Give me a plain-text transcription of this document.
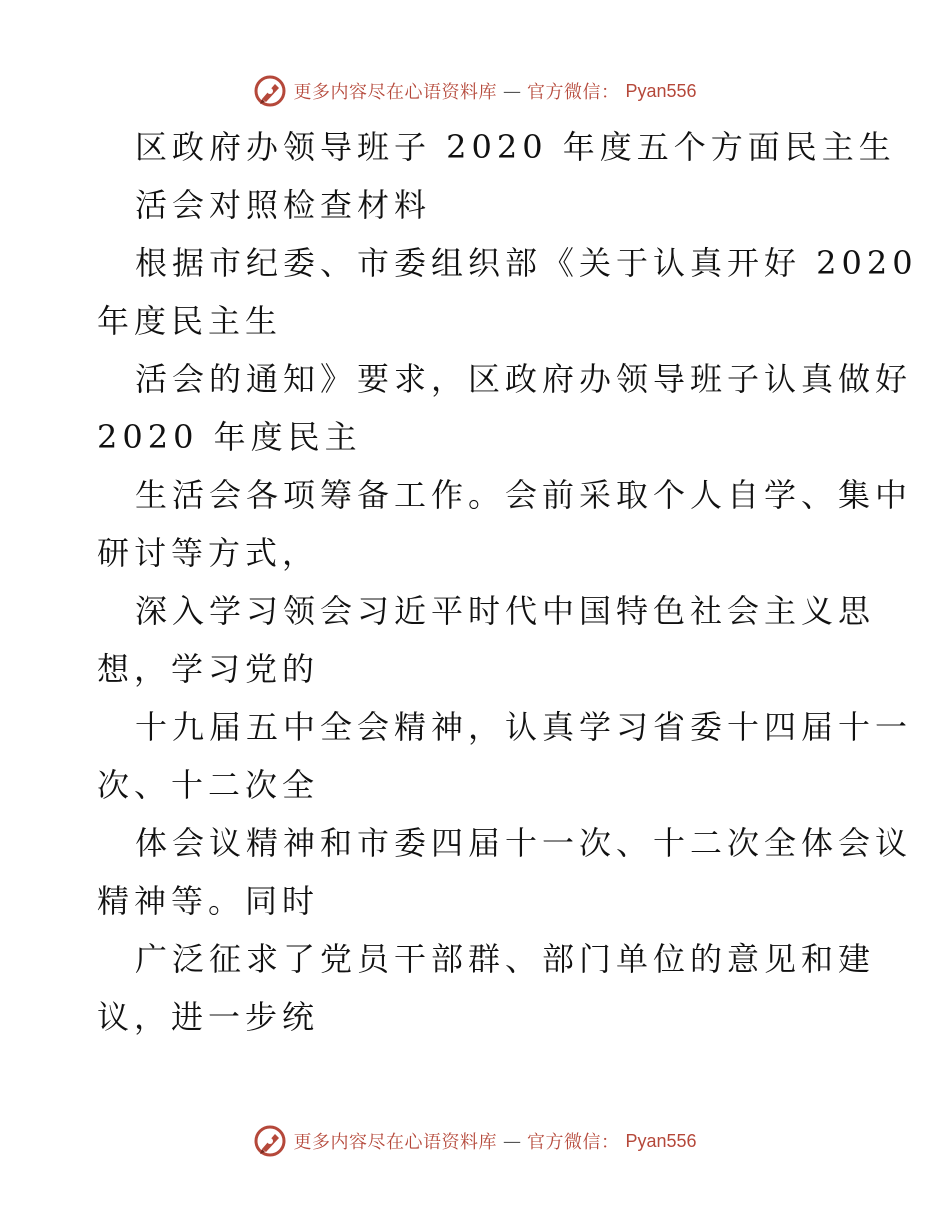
更多内容尽在心语资料库 — 官方微信： Pyan556
区政府办领导班子 2020 年度五个方面民主生
活会对照检查材料
根据市纪委、市委组织部《关于认真开好 2020
年度民主生
活会的通知》要求，区政府办领导班子认真做好
2020 年度民主
生活会各项筹备工作。会前采取个人自学、集中
研讨等方式，
深入学习领会习近平时代中国特色社会主义思
想，学习党的
十九届五中全会精神，认真学习省委十四届十一
次、十二次全
体会议精神和市委四届十一次、十二次全体会议
精神等。同时
广泛征求了党员干部群、部门单位的意见和建
议，进一步统
更多内容尽在心语资料库 — 官方微信： Pyan556
